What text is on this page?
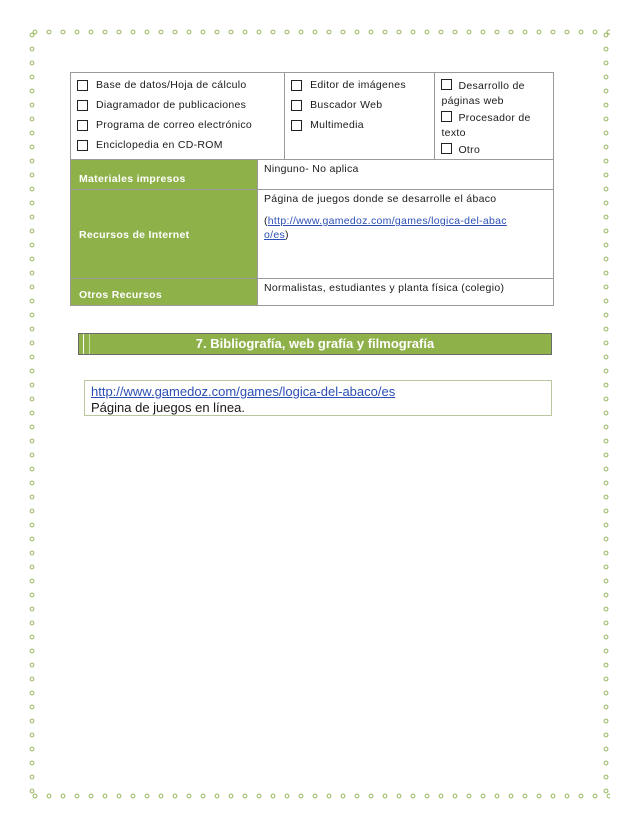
Base de datos/Hoja de cálculo
Diagramador de publicaciones
Programa de correo electrónico
Enciclopedia en CD-ROM
Editor de imágenes
Buscador Web
Multimedia
Desarrollo de páginas web
Procesador de texto
Otro
Materiales impresos
Ninguno- No aplica
Recursos de Internet
Página de juegos donde se desarrolle el ábaco
(http://www.gamedoz.com/games/logica-del-abaco/es)
Otros Recursos
Normalistas, estudiantes y planta física (colegio)
7. Bibliografía, web grafía y filmografía
http://www.gamedoz.com/games/logica-del-abaco/es
Página de juegos en línea.
